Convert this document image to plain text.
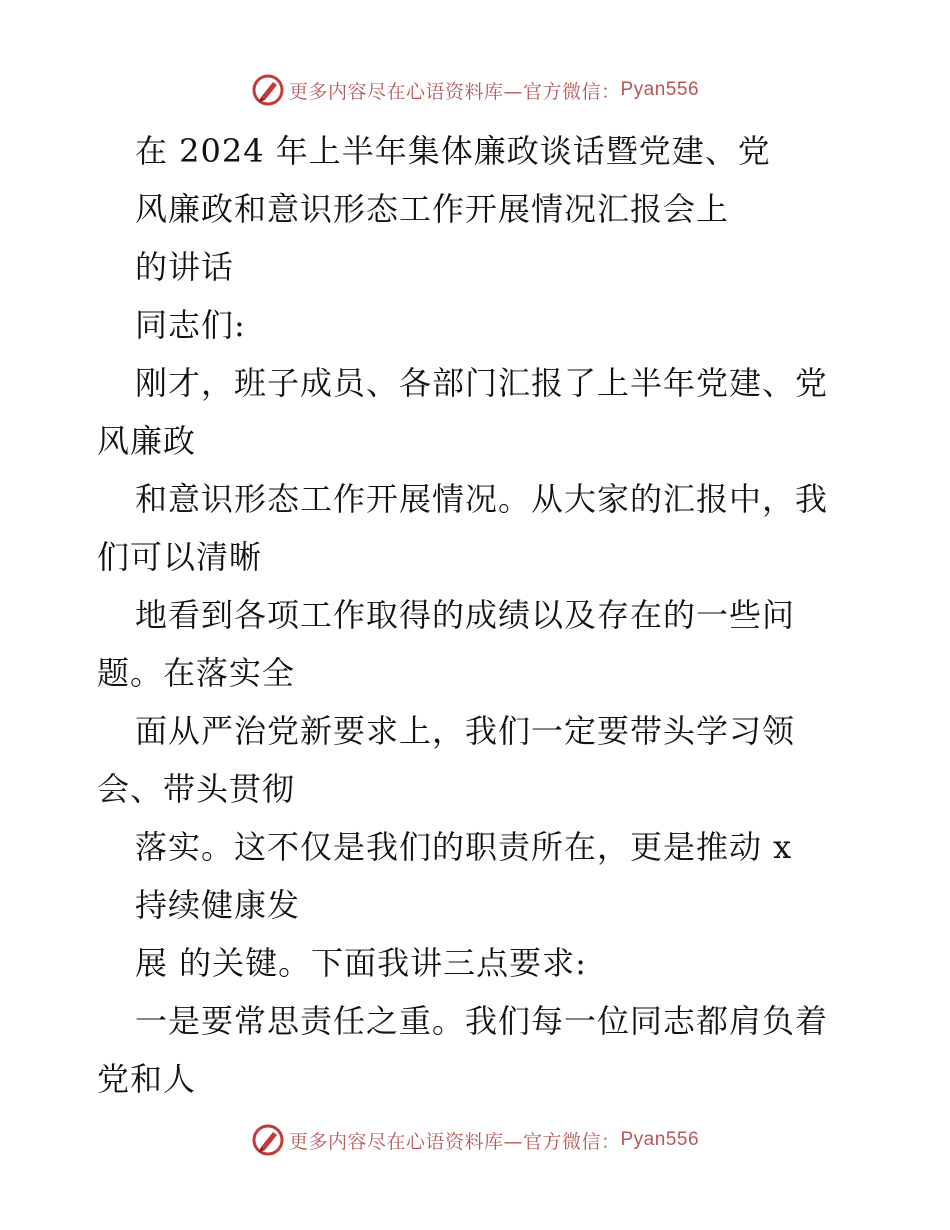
更多内容尽在心语资料库—官方微信： Pyan556
在 2024 年上半年集体廉政谈话暨党建、党
风廉政和意识形态工作开展情况汇报会上
的讲话
同志们:
刚才，班子成员、各部门汇报了上半年党建、党
风廉政
和意识形态工作开展情况。从大家的汇报中，我
们可以清晰
地看到各项工作取得的成绩以及存在的一些问
题。在落实全
面从严治党新要求上，我们一定要带头学习领
会、带头贯彻
落实。这不仅是我们的职责所在，更是推动 x
持续健康发
展 的关键。下面我讲三点要求:
一是要常思责任之重。我们每一位同志都肩负着
党和人
更多内容尽在心语资料库—官方微信： Pyan556
